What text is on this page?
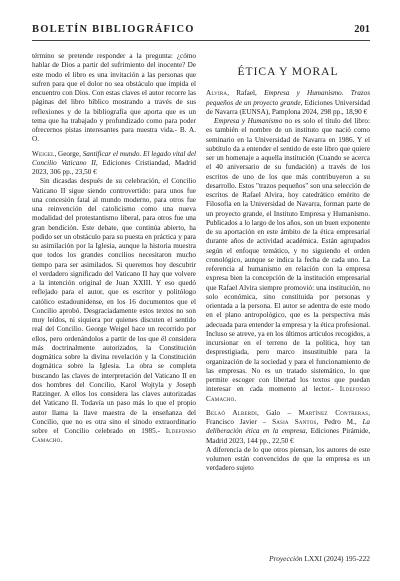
BOLETÍN BIBLIOGRÁFICO	201

término se pretende responder a la pregunta: ¿cómo hablar de Dios a partir del sufrimiento del inocente? De este modo el libro es una invitación a las personas que sufren para que el dolor no sea obstáculo que impida el encuentro con Dios. Con estas claves el autor recorre las páginas del libro bíblico mostrando a través de sus reflexiones y de la bibliografía que aporta que es un tema que ha trabajado y profundizado como para poder ofrecernos pistas interesantes para nuestra vida.- B. A. O.

Weigel, George, Santificar el mundo. El legado vital del Concilio Vaticano II, Ediciones Cristiandad, Madrid 2023, 306 pp., 23,50 €

Sin dicasdas después de su celebración, el Concilio Vaticano II sigue siendo controvertido: para unos fue una concesión fatal al mundo moderno, para otros fue una reinvención del catolicismo como una nueva modalidad del protestantismo liberal, para otros fue una gran bendición. Este debate, que continúa abierto, ha podido ser un obstáculo para su puesta en práctica y para su asimilación por la Iglesia, aunque la historia muestra que todos los grandes concilios necesitaron mucho tiempo para ser asimilados. Si queremos hoy descubrir el verdadero significado del Vaticano II hay que volvere a la intención original de Juan XXIII. Y eso quedó reflejado para el autor, que es escritor y politólogo católico estadounidense, en los 16 documentos que el Concilio aprobó. Desgraciadamente estos textos no son muy leídos, ni siquiera por quienes discuten el sentido real del Concilio. George Weigel hace un recorrido por ellos, pero ordenándolos a partir de los que él considera más doctrinalmente autorizados, la Constitución dogmática sobre la divina revelación y la Constitución dogmática sobre la Iglesia. La obra se completa buscando las claves de interpretación del Vaticano II en dos hombres del Concilio, Karol Wojtyla y Joseph Ratzinger. A ellos los considera las claves autorizadas del Vaticano II. Todavía un paso más lo que el propio autor llama la llave maestra de la enseñanza del Concilio, que no es otra sino el sínodo extraordinario sobre el Concilio celebrado en 1985.- Ildefonso Camacho.

ÉTICA Y MORAL

Alvira, Rafael, Empresa y Humanismo. Trazos pequeños de un proyecto grande, Ediciones Universidad de Navarra (EUNSA), Pamplona 2024, 298 pp., 18,90 €

Empresa y Humanismo no es solo el título del libro: es también el nombre de un instituto que nació como seminario en la Universidad de Navarra en 1986. Y el subtítulo da a entender el sentido de este libro que quiere ser un homenaje a aquella institución (Cuando se acerca el 40 aniversario de su fundación) a través de los escritos de uno de los que más contribuyeron a su desarrollo. Estos "trazos pequeños" son una selección de escritos de Rafael Alvira, hoy catedrático emérito de Filosofía en la Universidad de Navarra, forman parte de un proyecto grande, el Instituto Empresa y Humanismo. Publicados a lo largo de los años, son un buen exponente de su aportación en este ámbito de la ética empresarial durante años de actividad académica. Están agrupados según el enfoque temático, y no siguiendo el orden cronológico, aunque se indica la fecha de cada uno. La referencia al humanismo en relación con la empresa expresa bien la concepción de la institución empresarial que Rafael Alvira siempre promovió: una institución, no solo económica, sino constituida por personas y orientada a la persona. El autor se adentra de este modo en el plano antropológico, que es la perspectiva más adecuada para entender la empresa y la ética profesional. Incluso se atreve, ya en los últimos artículos recogidos, a incursionar en el terreno de la política, hoy tan desprestigiada, pero marco insustituible para la organización de la sociedad y para el funcionamiento de las empresas. No es un tratado sistemático, lo que permite escoger con libertad los textos que puedan interesar en cada momento al lector.- Ildefonso Camacho.

Belaó Alberdi, Galo – Martínez Contreras, Francisco Javier – Sasia Santos, Pedro M., La deliberación ética en la empresa, Ediciones Pirámide, Madrid 2023, 144 pp., 22,50 €

A diferencia de lo que otros piensan, los autores de este volumen están convencidos de que la empresa es un verdadero sujeto

Proyección LXXI (2024) 195-222
